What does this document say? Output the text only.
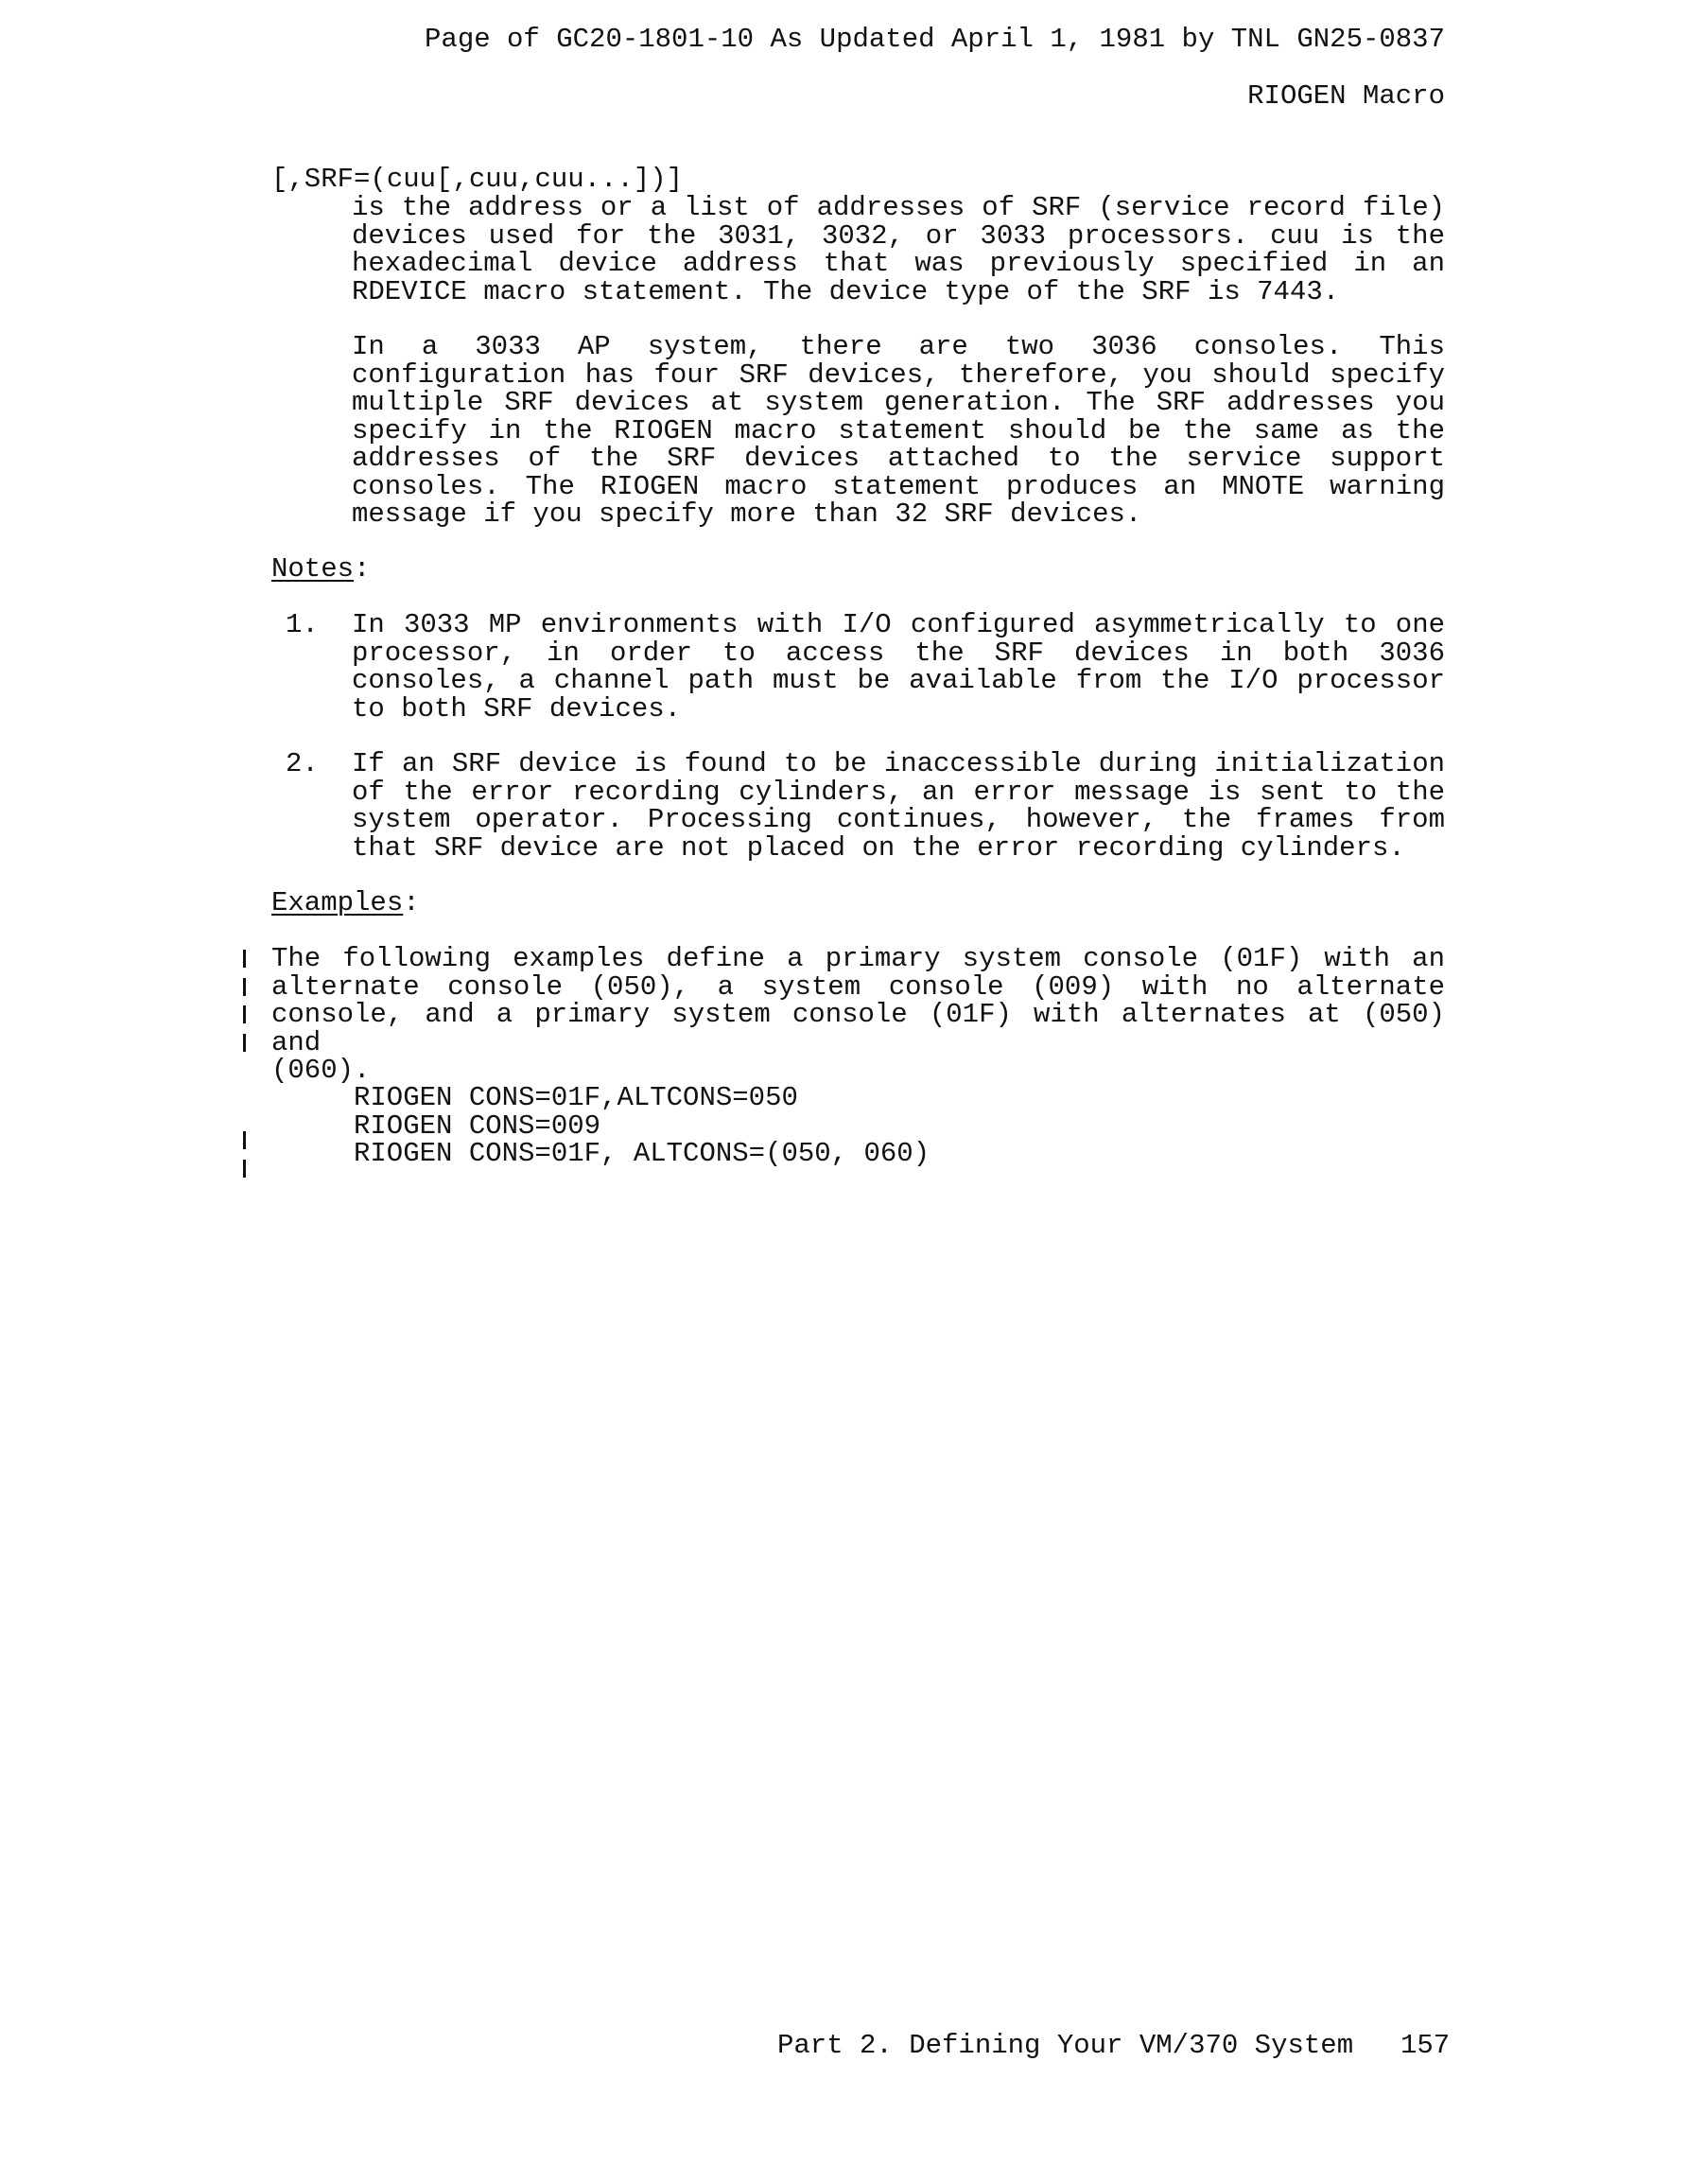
Page of GC20-1801-10 As Updated April 1, 1981 by TNL GN25-0837
RIOGEN Macro
[,SRF=(cuu[,cuu,cuu...])]
is the address or a list of addresses of SRF (service record file)
devices used for the 3031, 3032, or 3033 processors. cuu is the
hexadecimal device address that was previously specified in an
RDEVICE macro statement. The device type of the SRF is 7443.
In a 3033 AP system, there are two 3036 consoles. This
configuration has four SRF devices, therefore, you should specify
multiple SRF devices at system generation. The SRF addresses you
specify in the RIOGEN macro statement should be the same as the
addresses of the SRF devices attached to the service support
consoles. The RIOGEN macro statement produces an MNOTE warning
message if you specify more than 32 SRF devices.
Notes:
1. In 3033 MP environments with I/O configured asymmetrically to one
processor, in order to access the SRF devices in both 3036
consoles, a channel path must be available from the I/O processor
to both SRF devices.
2. If an SRF device is found to be inaccessible during initialization
of the error recording cylinders, an error message is sent to the
system operator. Processing continues, however, the frames from
that SRF device are not placed on the error recording cylinders.
Examples:
The following examples define a primary system console (01F) with an
alternate console (050), a system console (009) with no alternate
console, and a primary system console (01F) with alternates at (050) and
(060).
RIOGEN CONS=01F,ALTCONS=050
RIOGEN CONS=009
RIOGEN CONS=01F, ALTCONS=(050, 060)
Part 2. Defining Your VM/370 System 157
